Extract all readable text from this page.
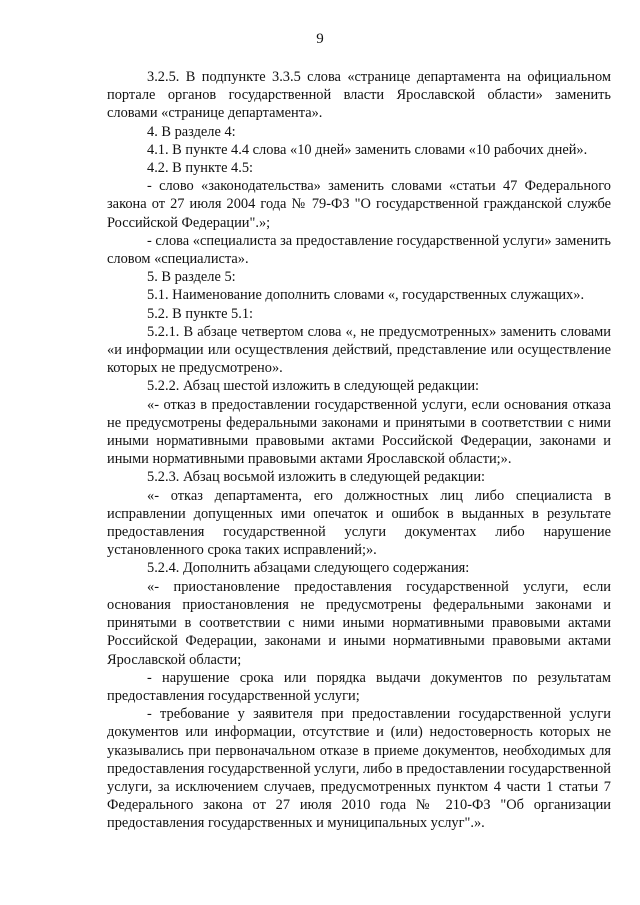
9

3.2.5. В подпункте 3.3.5 слова «странице департамента на официальном портале органов государственной власти Ярославской области» заменить словами «странице департамента».

4. В разделе 4:

4.1. В пункте 4.4 слова «10 дней» заменить словами «10 рабочих дней».

4.2. В пункте 4.5:

- слово «законодательства» заменить словами «статьи 47 Федерального закона от 27 июля 2004 года № 79-ФЗ "О государственной гражданской службе Российской Федерации".»;

- слова «специалиста за предоставление государственной услуги» заменить словом «специалиста».

5. В разделе 5:

5.1. Наименование дополнить словами «, государственных служащих».

5.2. В пункте 5.1:

5.2.1. В абзаце четвертом слова «, не предусмотренных» заменить словами «и информации или осуществления действий, представление или осуществление которых не предусмотрено».

5.2.2. Абзац шестой изложить в следующей редакции:

«- отказ в предоставлении государственной услуги, если основания отказа не предусмотрены федеральными законами и принятыми в соответствии с ними иными нормативными правовыми актами Российской Федерации, законами и иными нормативными правовыми актами Ярославской области;».

5.2.3. Абзац восьмой изложить в следующей редакции:

«- отказ департамента, его должностных лиц либо специалиста в исправлении допущенных ими опечаток и ошибок в выданных в результате предоставления государственной услуги документах либо нарушение установленного срока таких исправлений;».

5.2.4. Дополнить абзацами следующего содержания:

«- приостановление предоставления государственной услуги, если основания приостановления не предусмотрены федеральными законами и принятыми в соответствии с ними иными нормативными правовыми актами Российской Федерации, законами и иными нормативными правовыми актами Ярославской области;

- нарушение срока или порядка выдачи документов по результатам предоставления государственной услуги;

- требование у заявителя при предоставлении государственной услуги документов или информации, отсутствие и (или) недостоверность которых не указывались при первоначальном отказе в приеме документов, необходимых для предоставления государственной услуги, либо в предоставлении государственной услуги, за исключением случаев, предусмотренных пунктом 4 части 1 статьи 7 Федерального закона от 27 июля 2010 года № 210-ФЗ "Об организации предоставления государственных и муниципальных услуг".».
